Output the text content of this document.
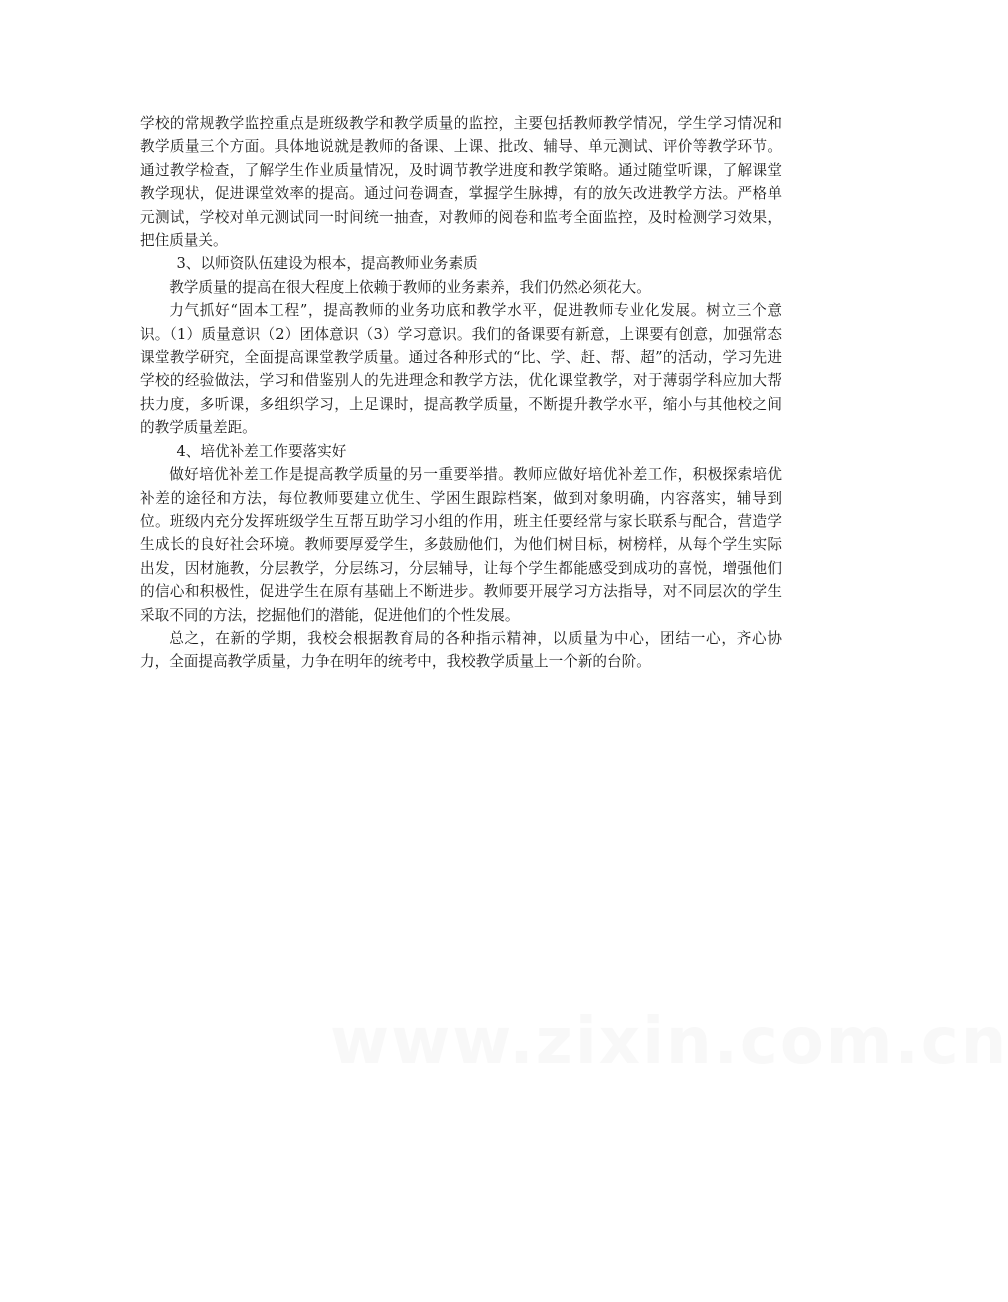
学校的常规教学监控重点是班级教学和教学质量的监控，主要包括教师教学情况，学生学习情况和教学质量三个方面。具体地说就是教师的备课、上课、批改、辅导、单元测试、评价等教学环节。通过教学检查，了解学生作业质量情况，及时调节教学进度和教学策略。通过随堂听课，了解课堂教学现状，促进课堂效率的提高。通过问卷调查，掌握学生脉搏，有的放矢改进教学方法。严格单元测试，学校对单元测试同一时间统一抽查，对教师的阅卷和监考全面监控，及时检测学习效果，把住质量关。

3、以师资队伍建设为根本，提高教师业务素质

教学质量的提高在很大程度上依赖于教师的业务素养，我们仍然必须花大。

力气抓好“固本工程”，提高教师的业务功底和教学水平，促进教师专业化发展。树立三个意识。（1）质量意识（2）团体意识（3）学习意识。我们的备课要有新意，上课要有创意，加强常态课堂教学研究，全面提高课堂教学质量。通过各种形式的“比、学、赶、帮、超”的活动，学习先进学校的经验做法，学习和借鉴别人的先进理念和教学方法，优化课堂教学，对于薄弱学科应加大帮扶力度，多听课，多组织学习，上足课时，提高教学质量，不断提升教学水平，缩小与其他校之间的教学质量差距。

4、培优补差工作要落实好

做好培优补差工作是提高教学质量的另一重要举措。教师应做好培优补差工作，积极探索培优补差的途径和方法，每位教师要建立优生、学困生跟踪档案，做到对象明确，内容落实，辅导到位。班级内充分发挥班级学生互帮互助学习小组的作用，班主任要经常与家长联系与配合，营造学生成长的良好社会环境。教师要厚爱学生，多鼓励他们，为他们树目标，树榜样，从每个学生实际出发，因材施教，分层教学，分层练习，分层辅导，让每个学生都能感受到成功的喜悦，增强他们的信心和积极性，促进学生在原有基础上不断进步。教师要开展学习方法指导，对不同层次的学生采取不同的方法，挖掘他们的潜能，促进他们的个性发展。

总之，在新的学期，我校会根据教育局的各种指示精神，以质量为中心，团结一心，齐心协力，全面提高教学质量，力争在明年的统考中，我校教学质量上一个新的台阶。

www.zixin.com.cn
